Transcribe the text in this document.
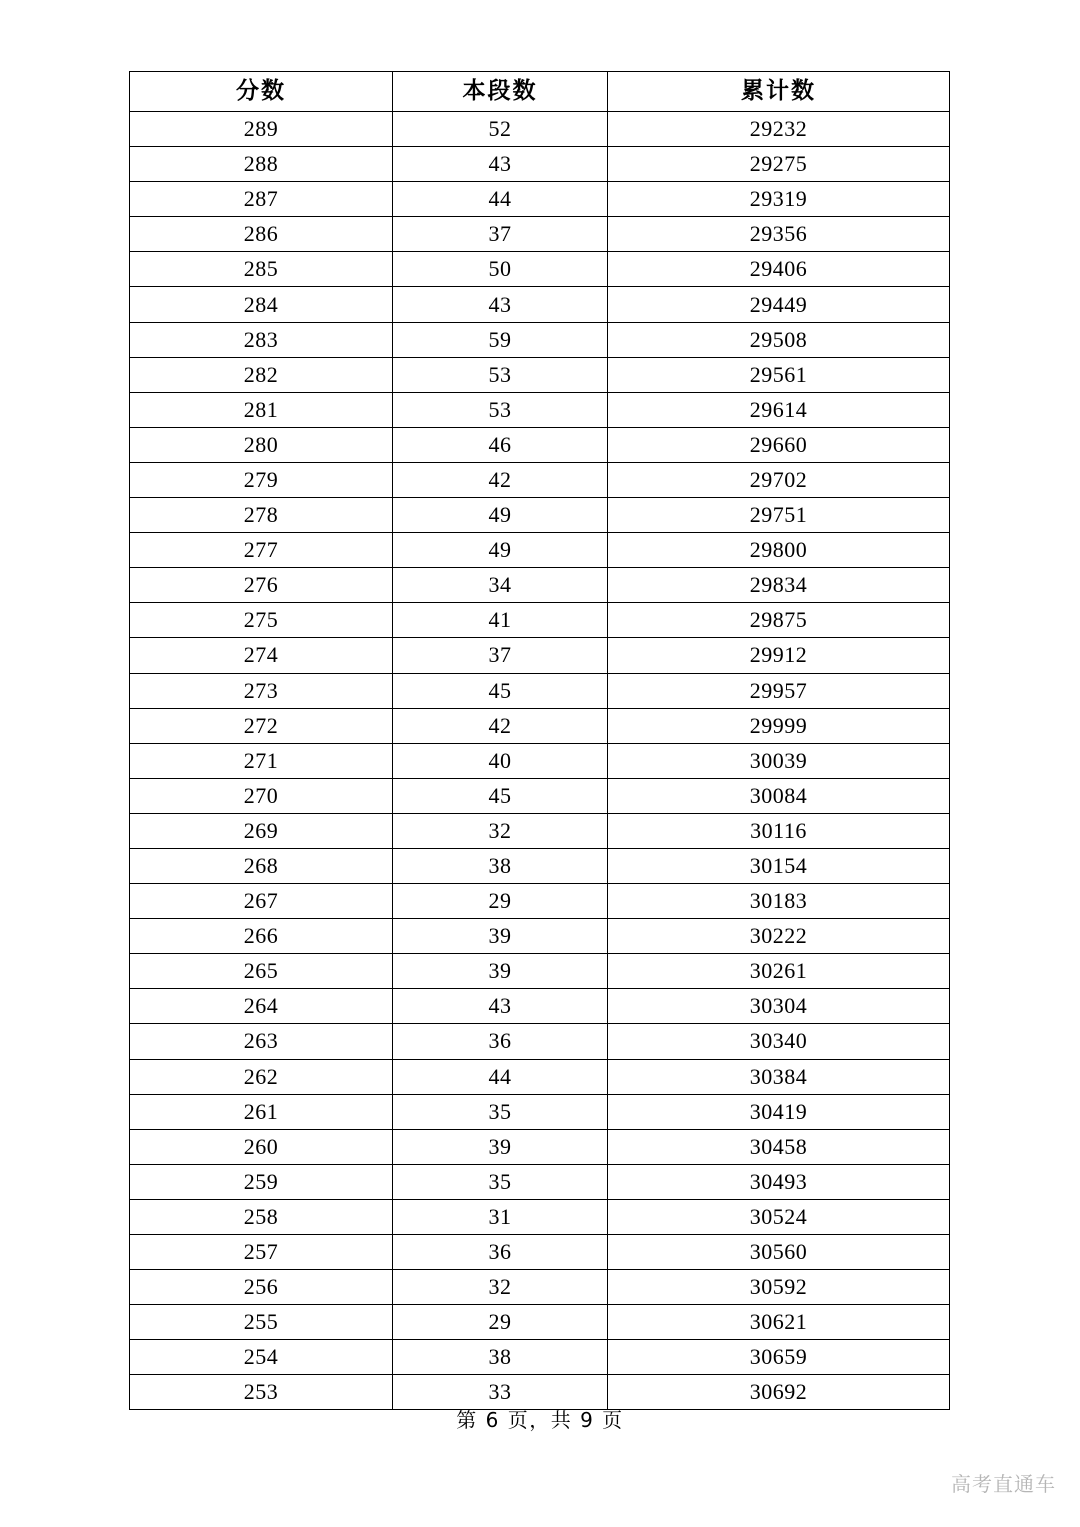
分数	本段数	累计数
289	52	29232
288	43	29275
287	44	29319
286	37	29356
285	50	29406
284	43	29449
283	59	29508
282	53	29561
281	53	29614
280	46	29660
279	42	29702
278	49	29751
277	49	29800
276	34	29834
275	41	29875
274	37	29912
273	45	29957
272	42	29999
271	40	30039
270	45	30084
269	32	30116
268	38	30154
267	29	30183
266	39	30222
265	39	30261
264	43	30304
263	36	30340
262	44	30384
261	35	30419
260	39	30458
259	35	30493
258	31	30524
257	36	30560
256	32	30592
255	29	30621
254	38	30659
253	33	30692
第 6 页，共 9 页
高考直通车
